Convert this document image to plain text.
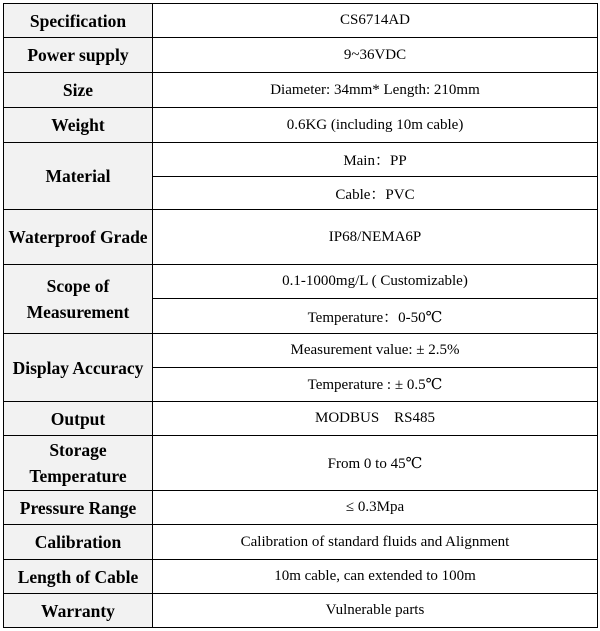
Specification	CS6714AD
Power supply	9~36VDC
Size	Diameter: 34mm* Length: 210mm
Weight	0.6KG (including 10m cable)
Material	Main：PP
	Cable：PVC
Waterproof Grade	IP68/NEMA6P
Scope of Measurement	0.1-1000mg/L ( Customizable)
	Temperature：0-50℃
Display Accuracy	Measurement value: ± 2.5%
	Temperature : ± 0.5℃
Output	MODBUS    RS485
Storage Temperature	From 0 to 45℃
Pressure Range	≤ 0.3Mpa
Calibration	Calibration of standard fluids and Alignment
Length of Cable	10m cable, can extended to 100m
Warranty	Vulnerable parts
